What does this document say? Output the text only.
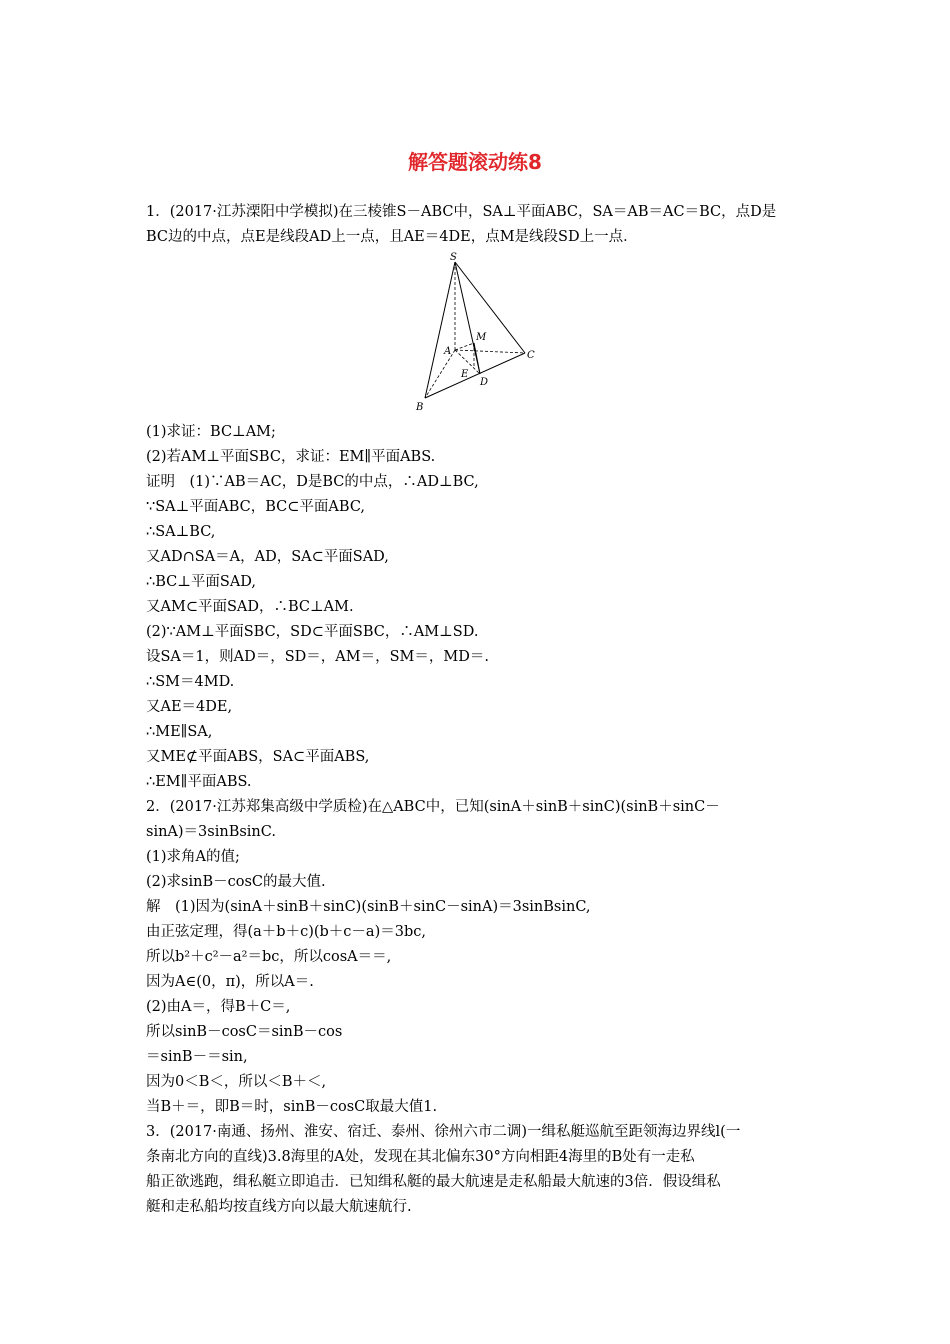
解答题滚动练8
1．(2017·江苏溧阳中学模拟)在三棱锥S－ABC中，SA⊥平面ABC，SA＝AB＝AC＝BC，点D是
BC边的中点，点E是线段AD上一点，且AE＝4DE，点M是线段SD上一点．
S
M
A	C
E
D
B
(1)求证：BC⊥AM;
(2)若AM⊥平面SBC，求证：EM∥平面ABS.
证明　(1)∵AB＝AC，D是BC的中点，∴AD⊥BC,
∵SA⊥平面ABC，BC⊂平面ABC,
∴SA⊥BC,
又AD∩SA＝A，AD，SA⊂平面SAD,
∴BC⊥平面SAD,
又AM⊂平面SAD，∴BC⊥AM.
(2)∵AM⊥平面SBC，SD⊂平面SBC，∴AM⊥SD.
设SA＝1，则AD＝，SD＝，AM＝，SM＝，MD＝.
∴SM＝4MD.
又AE＝4DE,
∴ME∥SA,
又ME⊄平面ABS，SA⊂平面ABS,
∴EM∥平面ABS.
2．(2017·江苏郑集高级中学质检)在△ABC中，已知(sinA＋sinB＋sinC)(sinB＋sinC－
sinA)＝3sinBsinC.
(1)求角A的值;
(2)求sinB－cosC的最大值.
解　(1)因为(sinA＋sinB＋sinC)(sinB＋sinC－sinA)＝3sinBsinC,
由正弦定理，得(a＋b＋c)(b＋c－a)＝3bc,
所以b²＋c²－a²＝bc，所以cosA＝＝,
因为A∈(0，π)，所以A＝.
(2)由A＝，得B＋C＝,
所以sinB－cosC＝sinB－cos
＝sinB－＝sin,
因为0＜B＜，所以＜B＋＜,
当B＋＝，即B＝时，sinB－cosC取最大值1.
3．(2017·南通、扬州、淮安、宿迁、泰州、徐州六市二调)一缉私艇巡航至距领海边界线l(一
条南北方向的直线)3.8海里的A处，发现在其北偏东30°方向相距4海里的B处有一走私
船正欲逃跑，缉私艇立即追击．已知缉私艇的最大航速是走私船最大航速的3倍．假设缉私
艇和走私船均按直线方向以最大航速航行.
